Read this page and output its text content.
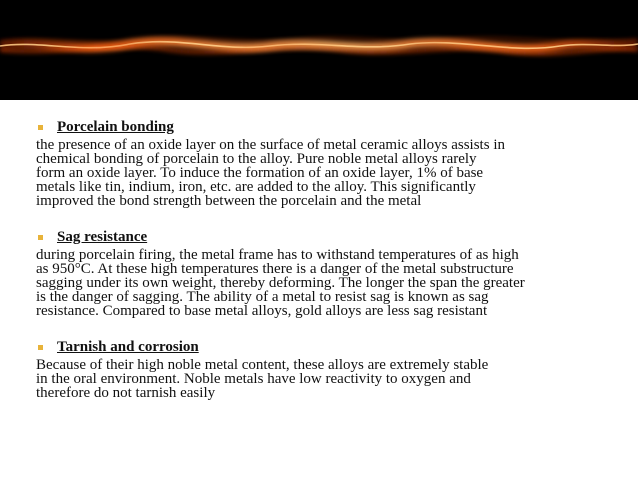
Porcelain bonding

the presence of an oxide layer on the surface of metal ceramic alloys assists in
chemical bonding of porcelain to the alloy. Pure noble metal alloys rarely
form an oxide layer. To induce the formation of an oxide layer, 1% of base
metals like tin, indium, iron, etc. are added to the alloy. This significantly
improved the bond strength between the porcelain and the metal

Sag resistance

during porcelain firing, the metal frame has to withstand temperatures of as high
as 950°C. At these high temperatures there is a danger of the metal substructure
sagging under its own weight, thereby deforming. The longer the span the greater
is the danger of sagging. The ability of a metal to resist sag is known as sag
resistance. Compared to base metal alloys, gold alloys are less sag resistant

Tarnish and corrosion

Because of their high noble metal content, these alloys are extremely stable
in the oral environment. Noble metals have low reactivity to oxygen and
therefore do not tarnish easily
